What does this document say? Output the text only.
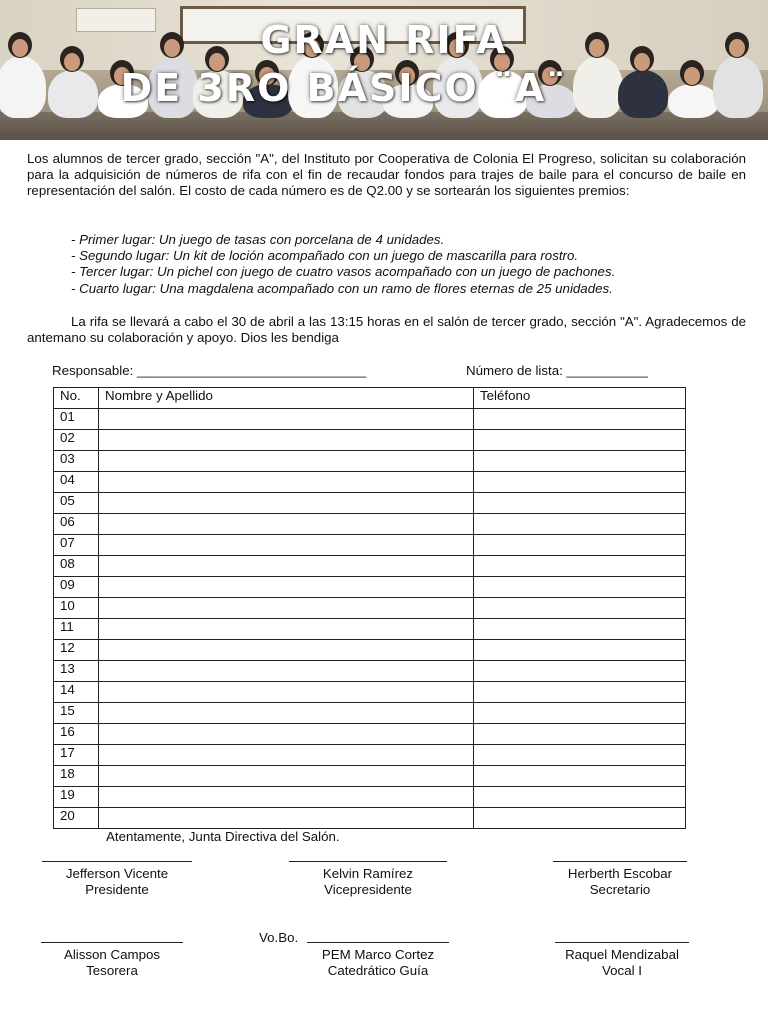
GRAN RIFA
DE 3RO BÁSICO ¨A¨
Los alumnos de tercer grado, sección "A", del Instituto por Cooperativa de Colonia El Progreso, solicitan su colaboración para la adquisición de números de rifa con el fin de recaudar fondos para trajes de baile para el concurso de baile en representación del salón. El costo de cada número es de Q2.00 y se sortearán los siguientes premios:
- Primer lugar: Un juego de tasas con porcelana de 4 unidades.
- Segundo lugar: Un kit de loción acompañado con un juego de mascarilla para rostro.
- Tercer lugar: Un pichel con juego de cuatro vasos acompañado con un juego de pachones.
- Cuarto lugar: Una magdalena acompañado con un ramo de flores eternas de 25 unidades.
La rifa se llevará a cabo el 30 de abril a las 13:15 horas en el salón de tercer grado, sección "A". Agradecemos de antemano su colaboración y apoyo. Dios les bendiga
Responsable: _______________________________	Número de lista: ___________
No.	Nombre y Apellido	Teléfono
01		
02		
03		
04		
05		
06		
07		
08		
09		
10		
11		
12		
13		
14		
15		
16		
17		
18		
19		
20		
Atentamente, Junta Directiva del Salón.
Jefferson Vicente
Presidente
Kelvin Ramírez
Vicepresidente
Herberth Escobar
Secretario
Vo.Bo.
Alisson Campos
Tesorera
PEM Marco Cortez
Catedrático Guía
Raquel Mendizabal
Vocal I
